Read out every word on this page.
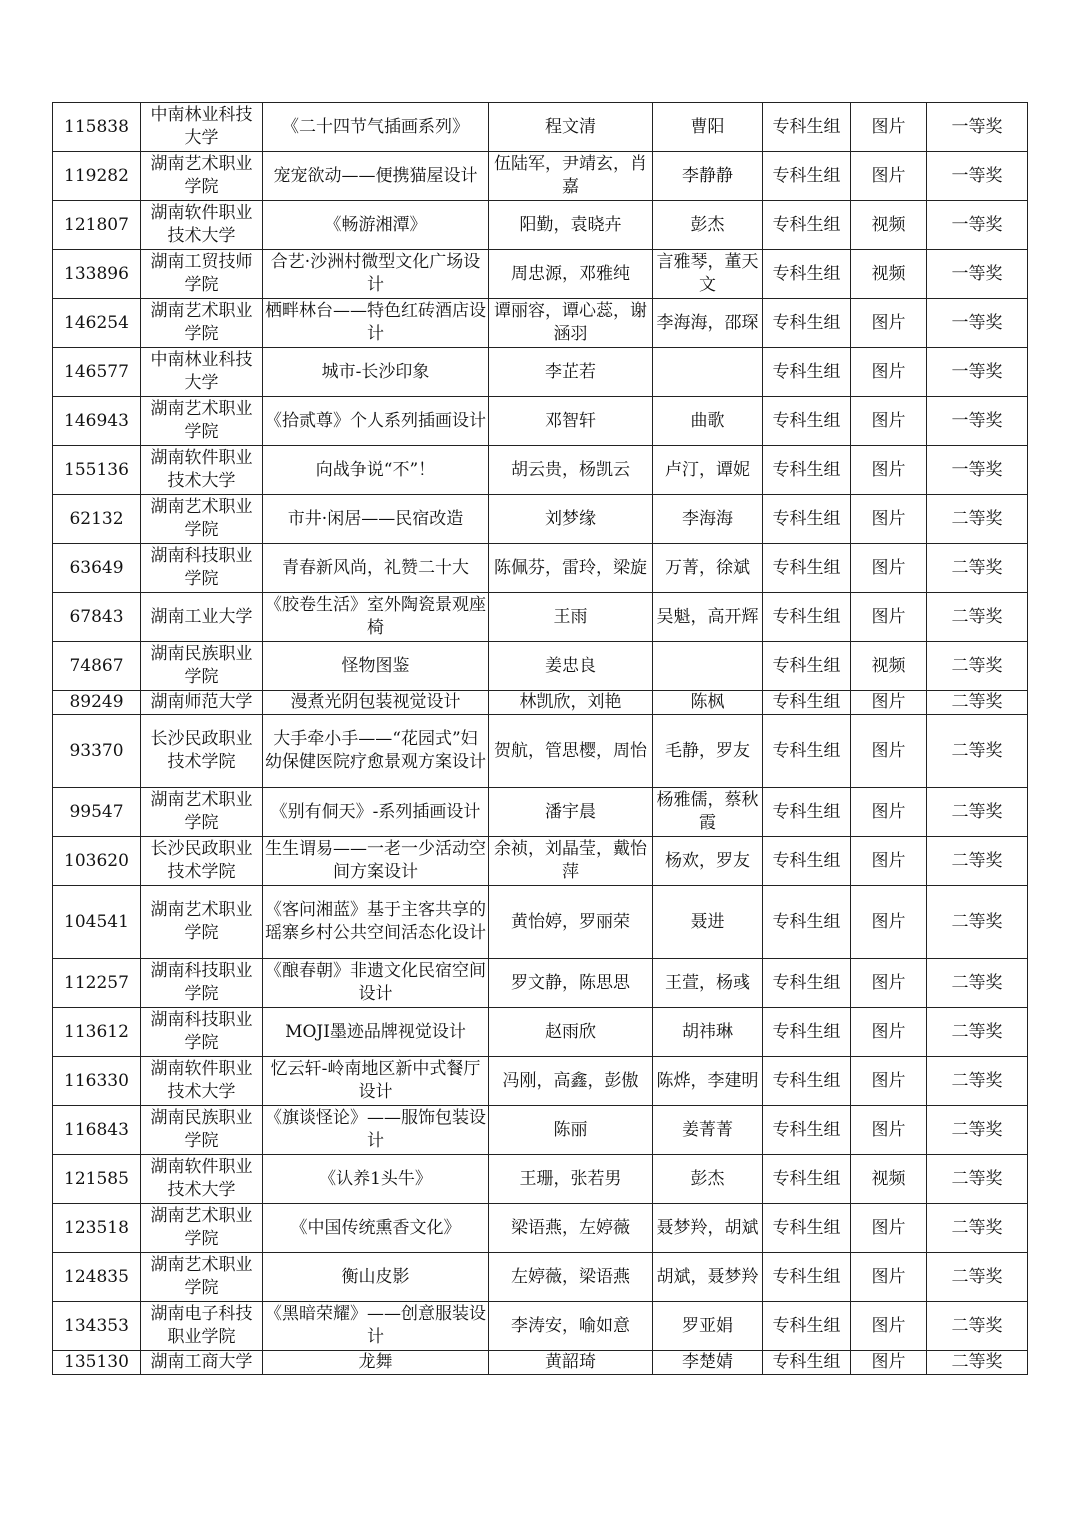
115838	中南林业科技大学	《二十四节气插画系列》	程文清	曹阳	专科生组	图片	一等奖
119282	湖南艺术职业学院	宠宠欲动——便携猫屋设计	伍陆军，尹靖玄，肖嘉	李静静	专科生组	图片	一等奖
121807	湖南软件职业技术大学	《畅游湘潭》	阳勤，袁晓卉	彭杰	专科生组	视频	一等奖
133896	湖南工贸技师学院	合艺·沙洲村微型文化广场设计	周忠源，邓雅纯	言雅琴，董天文	专科生组	视频	一等奖
146254	湖南艺术职业学院	栖畔林台——特色红砖酒店设计	谭丽容，谭心蕊，谢涵羽	李海海，邵琛	专科生组	图片	一等奖
146577	中南林业科技大学	城市-长沙印象	李芷若		专科生组	图片	一等奖
146943	湖南艺术职业学院	《拾贰尊》个人系列插画设计	邓智轩	曲歌	专科生组	图片	一等奖
155136	湖南软件职业技术大学	向战争说“不”！	胡云贵，杨凯云	卢汀，谭妮	专科生组	图片	一等奖
62132	湖南艺术职业学院	市井·闲居——民宿改造	刘梦缘	李海海	专科生组	图片	二等奖
63649	湖南科技职业学院	青春新风尚，礼赞二十大	陈佩芬，雷玲，梁旋	万菁，徐斌	专科生组	图片	二等奖
67843	湖南工业大学	《胶卷生活》室外陶瓷景观座椅	王雨	吴魁，高开辉	专科生组	图片	二等奖
74867	湖南民族职业学院	怪物图鉴	姜忠良		专科生组	视频	二等奖
89249	湖南师范大学	漫煮光阴包装视觉设计	林凯欣，刘艳	陈枫	专科生组	图片	二等奖
93370	长沙民政职业技术学院	大手牵小手——“花园式”妇幼保健医院疗愈景观方案设计	贺航，管思樱，周怡	毛静，罗友	专科生组	图片	二等奖
99547	湖南艺术职业学院	《别有侗天》-系列插画设计	潘宇晨	杨雅儒，蔡秋霞	专科生组	图片	二等奖
103620	长沙民政职业技术学院	生生谓易——一老一少活动空间方案设计	余祯，刘晶莹，戴怡萍	杨欢，罗友	专科生组	图片	二等奖
104541	湖南艺术职业学院	《客问湘蓝》基于主客共享的瑶寨乡村公共空间活态化设计	黄怡婷，罗丽荣	聂进	专科生组	图片	二等奖
112257	湖南科技职业学院	《酿春朝》非遗文化民宿空间设计	罗文静，陈思思	王萱，杨彧	专科生组	图片	二等奖
113612	湖南科技职业学院	MOJI墨迹品牌视觉设计	赵雨欣	胡祎琳	专科生组	图片	二等奖
116330	湖南软件职业技术大学	忆云轩-岭南地区新中式餐厅设计	冯刚，高鑫，彭傲	陈烨，李建明	专科生组	图片	二等奖
116843	湖南民族职业学院	《旗谈怪论》——服饰包装设计	陈丽	姜菁菁	专科生组	图片	二等奖
121585	湖南软件职业技术大学	《认养1头牛》	王珊，张若男	彭杰	专科生组	视频	二等奖
123518	湖南艺术职业学院	《中国传统熏香文化》	梁语燕，左婷薇	聂梦羚，胡斌	专科生组	图片	二等奖
124835	湖南艺术职业学院	衡山皮影	左婷薇，梁语燕	胡斌，聂梦羚	专科生组	图片	二等奖
134353	湖南电子科技职业学院	《黑暗荣耀》——创意服装设计	李涛安，喻如意	罗亚娟	专科生组	图片	二等奖
135130	湖南工商大学	龙舞	黄韶琦	李楚婧	专科生组	图片	二等奖
